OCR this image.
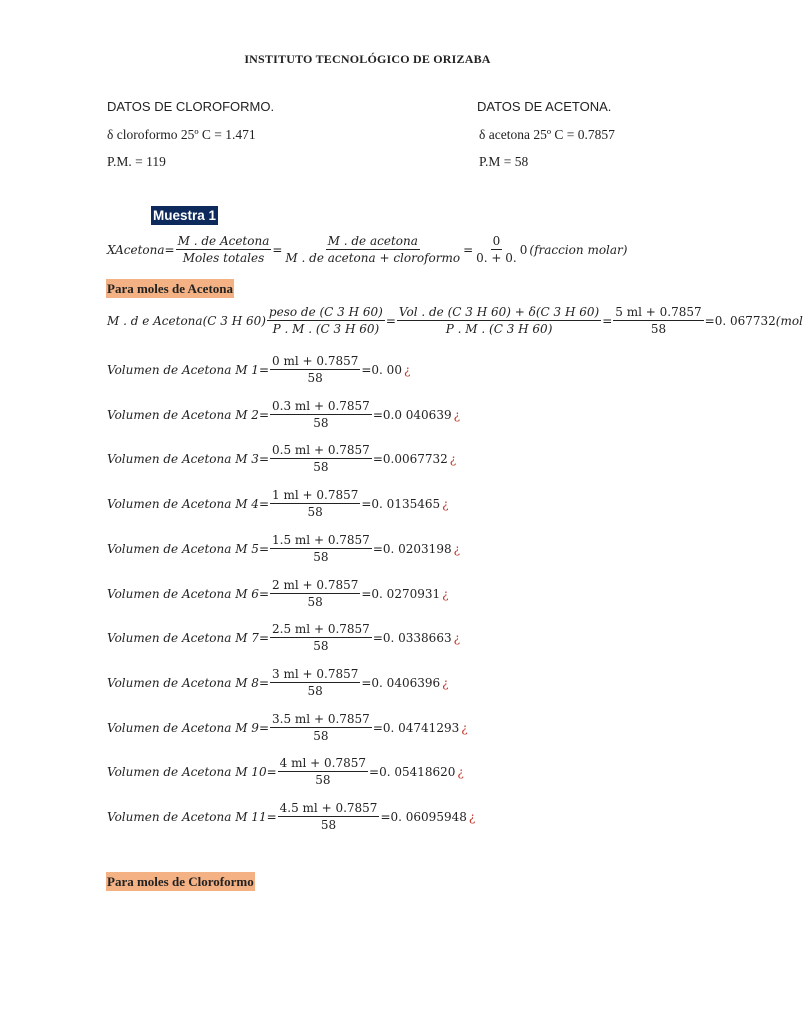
INSTITUTO TECNOLÓGICO DE ORIZABA
DATOS DE CLOROFORMO.
δ cloroformo 25º C = 1.471
P.M. = 119
DATOS DE ACETONA.
δ acetona 25º C = 0.7857
P.M = 58
Muestra 1
XAcetona = $\frac{\text{M . de Acetona}}{\text{Moles totales}} = \frac{\text{M . de acetona}}{\text{M . de acetona + cloroformo}} = \frac{0}{0. + 0.} 0$ (fraccion molar)
Para moles de Acetona
M . d e Acetona (C 3 H $60) \frac{\text{peso de (C 3 H 60)}}{P . M . (C 3 H 60)} = \frac{\text{Vol . de (C 3 H 60) + δ(C 3 H 60)}}{P . M . (C 3 H 60)} = \frac{5 ml + 0.7857}{58} = 0$. 067732 (mol
Volumen de Acetona M $1 = \frac{0 ml + 0.7857}{58} = 0$. 00 ¿
Volumen de Acetona M $2 = \frac{0.3 ml + 0.7857}{58} = 0.0$ 040639 ¿
Volumen de Acetona M $3 = \frac{0.5 ml + 0.7857}{58} = 0.0067732$ ¿
Volumen de Acetona M $4 = \frac{1 ml + 0.7857}{58} = 0$. 0135465 ¿
Volumen de Acetona M $5 = \frac{1.5 ml + 0.7857}{58} = 0$. 0203198 ¿
Volumen de Acetona M $6 = \frac{2 ml + 0.7857}{58} = 0$. 0270931 ¿
Volumen de Acetona M $7 = \frac{2.5 ml + 0.7857}{58} = 0$. 0338663 ¿
Volumen de Acetona M $8 = \frac{3 ml + 0.7857}{58} = 0$. 0406396 ¿
Volumen de Acetona M $9 = \frac{3.5 ml + 0.7857}{58} = 0$. 04741293 ¿
Volumen de Acetona M $10 = \frac{4 ml + 0.7857}{58} = 0$. 05418620 ¿
Volumen de Acetona M $11 = \frac{4.5 ml + 0.7857}{58} = 0$. 06095948 ¿
Para moles de Cloroformo
